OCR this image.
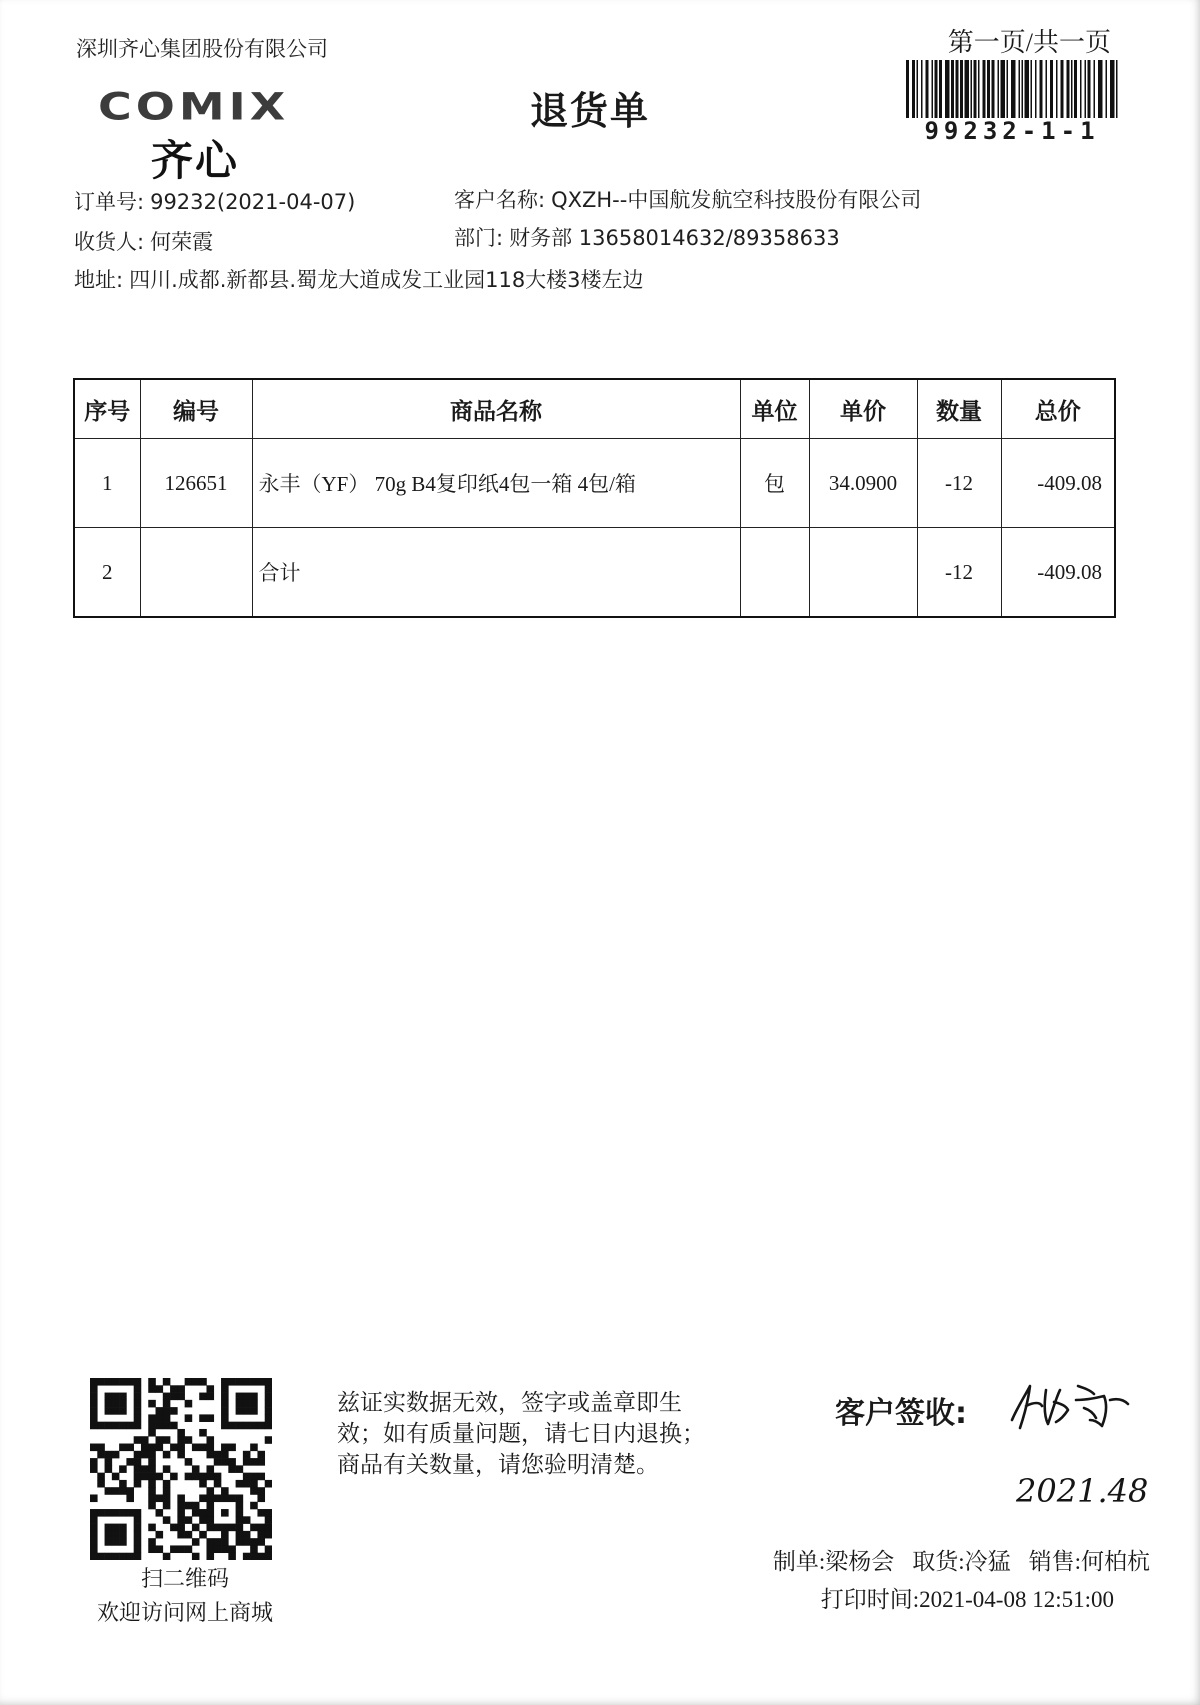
深圳齐心集团股份有限公司
COMIX
齐心
退货单
第一页/共一页
99232-1-1
订单号: 99232(2021-04-07)	客户名称: QXZH--中国航发航空科技股份有限公司
收货人: 何荣霞	部门: 财务部 13658014632/89358633
地址: 四川.成都.新都县.蜀龙大道成发工业园118大楼3楼左边
序号	编号	商品名称	单位	单价	数量	总价
1	126651	永丰（YF） 70g B4复印纸4包一箱 4包/箱	包	34.0900	-12	-409.08
2		合计			-12	-409.08
扫二维码
欢迎访问网上商城
兹证实数据无效，签字或盖章即生
效；如有质量问题，请七日内退换；
商品有关数量，请您验明清楚。
客户签收:
2021.48
制单:梁杨会 取货:冷猛 销售:何柏杭
打印时间:2021-04-08 12:51:00
